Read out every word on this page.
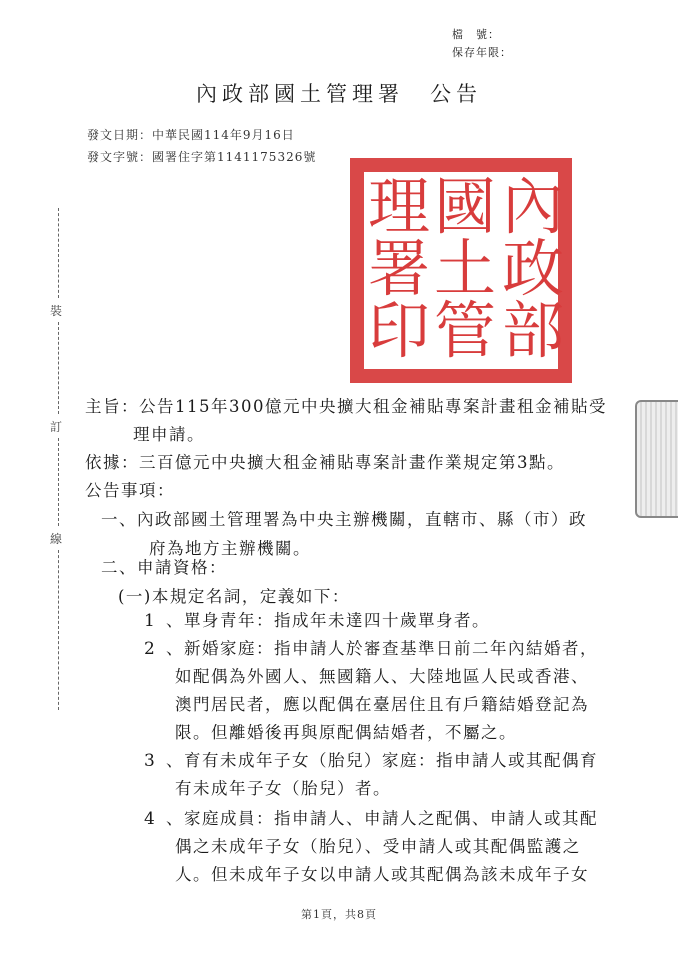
檔　號：
保存年限：
內政部國土管理署　公告
發文日期：中華民國114年9月16日
發文字號：國署住字第1141175326號
內
政
部
國
土
管
理
署
印
裝
訂
線
主旨：公告115年300億元中央擴大租金補貼專案計畫租金補貼受
理申請。
依據：三百億元中央擴大租金補貼專案計畫作業規定第3點。
公告事項：
一、內政部國土管理署為中央主辦機關，直轄市、縣（市）政
府為地方主辦機關。
二、申請資格：
(一)本規定名詞，定義如下：
1 、單身青年：指成年未達四十歲單身者。
2 、新婚家庭：指申請人於審查基準日前二年內結婚者，
如配偶為外國人、無國籍人、大陸地區人民或香港、
澳門居民者，應以配偶在臺居住且有戶籍結婚登記為
限。但離婚後再與原配偶結婚者，不屬之。
3 、育有未成年子女（胎兒）家庭：指申請人或其配偶育
有未成年子女（胎兒）者。
4 、家庭成員：指申請人、申請人之配偶、申請人或其配
偶之未成年子女（胎兒）、受申請人或其配偶監護之
人。但未成年子女以申請人或其配偶為該未成年子女
第1頁，共8頁
